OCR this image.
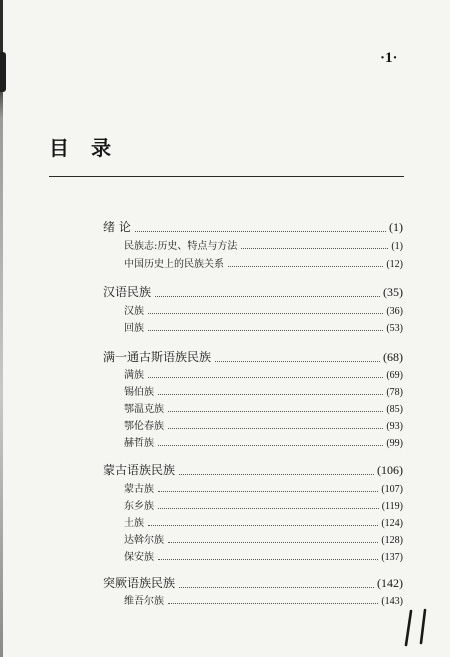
·1·
目录
绪 论	(1)
民族志:历史、特点与方法	(1)
中国历史上的民族关系	(12)
汉语民族	(35)
汉族	(36)
回族	(53)
满一通古斯语族民族	(68)
满族	(69)
锡伯族	(78)
鄂温克族	(85)
鄂伦春族	(93)
赫哲族	(99)
蒙古语族民族	(106)
蒙古族	(107)
东乡族	(119)
土族	(124)
达斡尔族	(128)
保安族	(137)
突厥语族民族	(142)
维吾尔族	(143)
